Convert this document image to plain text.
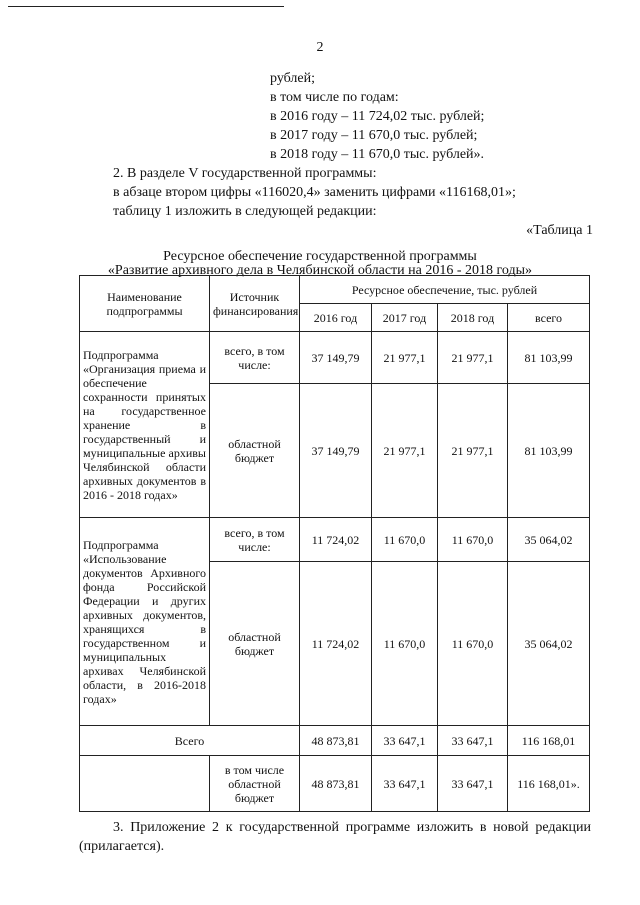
2
рублей;
в том числе по годам:
в 2016 году – 11 724,02 тыс. рублей;
в 2017 году – 11 670,0 тыс. рублей;
в 2018 году – 11 670,0 тыс. рублей».
2. В разделе V государственной программы:
в абзаце втором цифры «116020,4» заменить цифрами «116168,01»;
таблицу 1 изложить в следующей редакции:
«Таблица 1
Ресурсное обеспечение государственной программы
«Развитие архивного дела в Челябинской области на 2016 - 2018 годы»
Наименование подпрограммы	Источник финансирования	Ресурсное обеспечение, тыс. рублей			
		2016 год	2017 год	2018 год	всего
Подпрограмма «Организация приема и обеспечение сохранности принятых на государственное хранение в государственный и муниципальные архивы Челябинской области архивных документов в 2016 - 2018 годах»	всего, в том числе:	37 149,79	21 977,1	21 977,1	81 103,99
	областной бюджет	37 149,79	21 977,1	21 977,1	81 103,99
Подпрограмма «Использование документов Архивного фонда Российской Федерации и других архивных документов, хранящихся в государственном и муниципальных архивах Челябинской области, в 2016-2018 годах»	всего, в том числе:	11 724,02	11 670,0	11 670,0	35 064,02
	областной бюджет	11 724,02	11 670,0	11 670,0	35 064,02
Всего		48 873,81	33 647,1	33 647,1	116 168,01
	в том числе областной бюджет	48 873,81	33 647,1	33 647,1	116 168,01».
3. Приложение 2 к государственной программе изложить в новой редакции (прилагается).
